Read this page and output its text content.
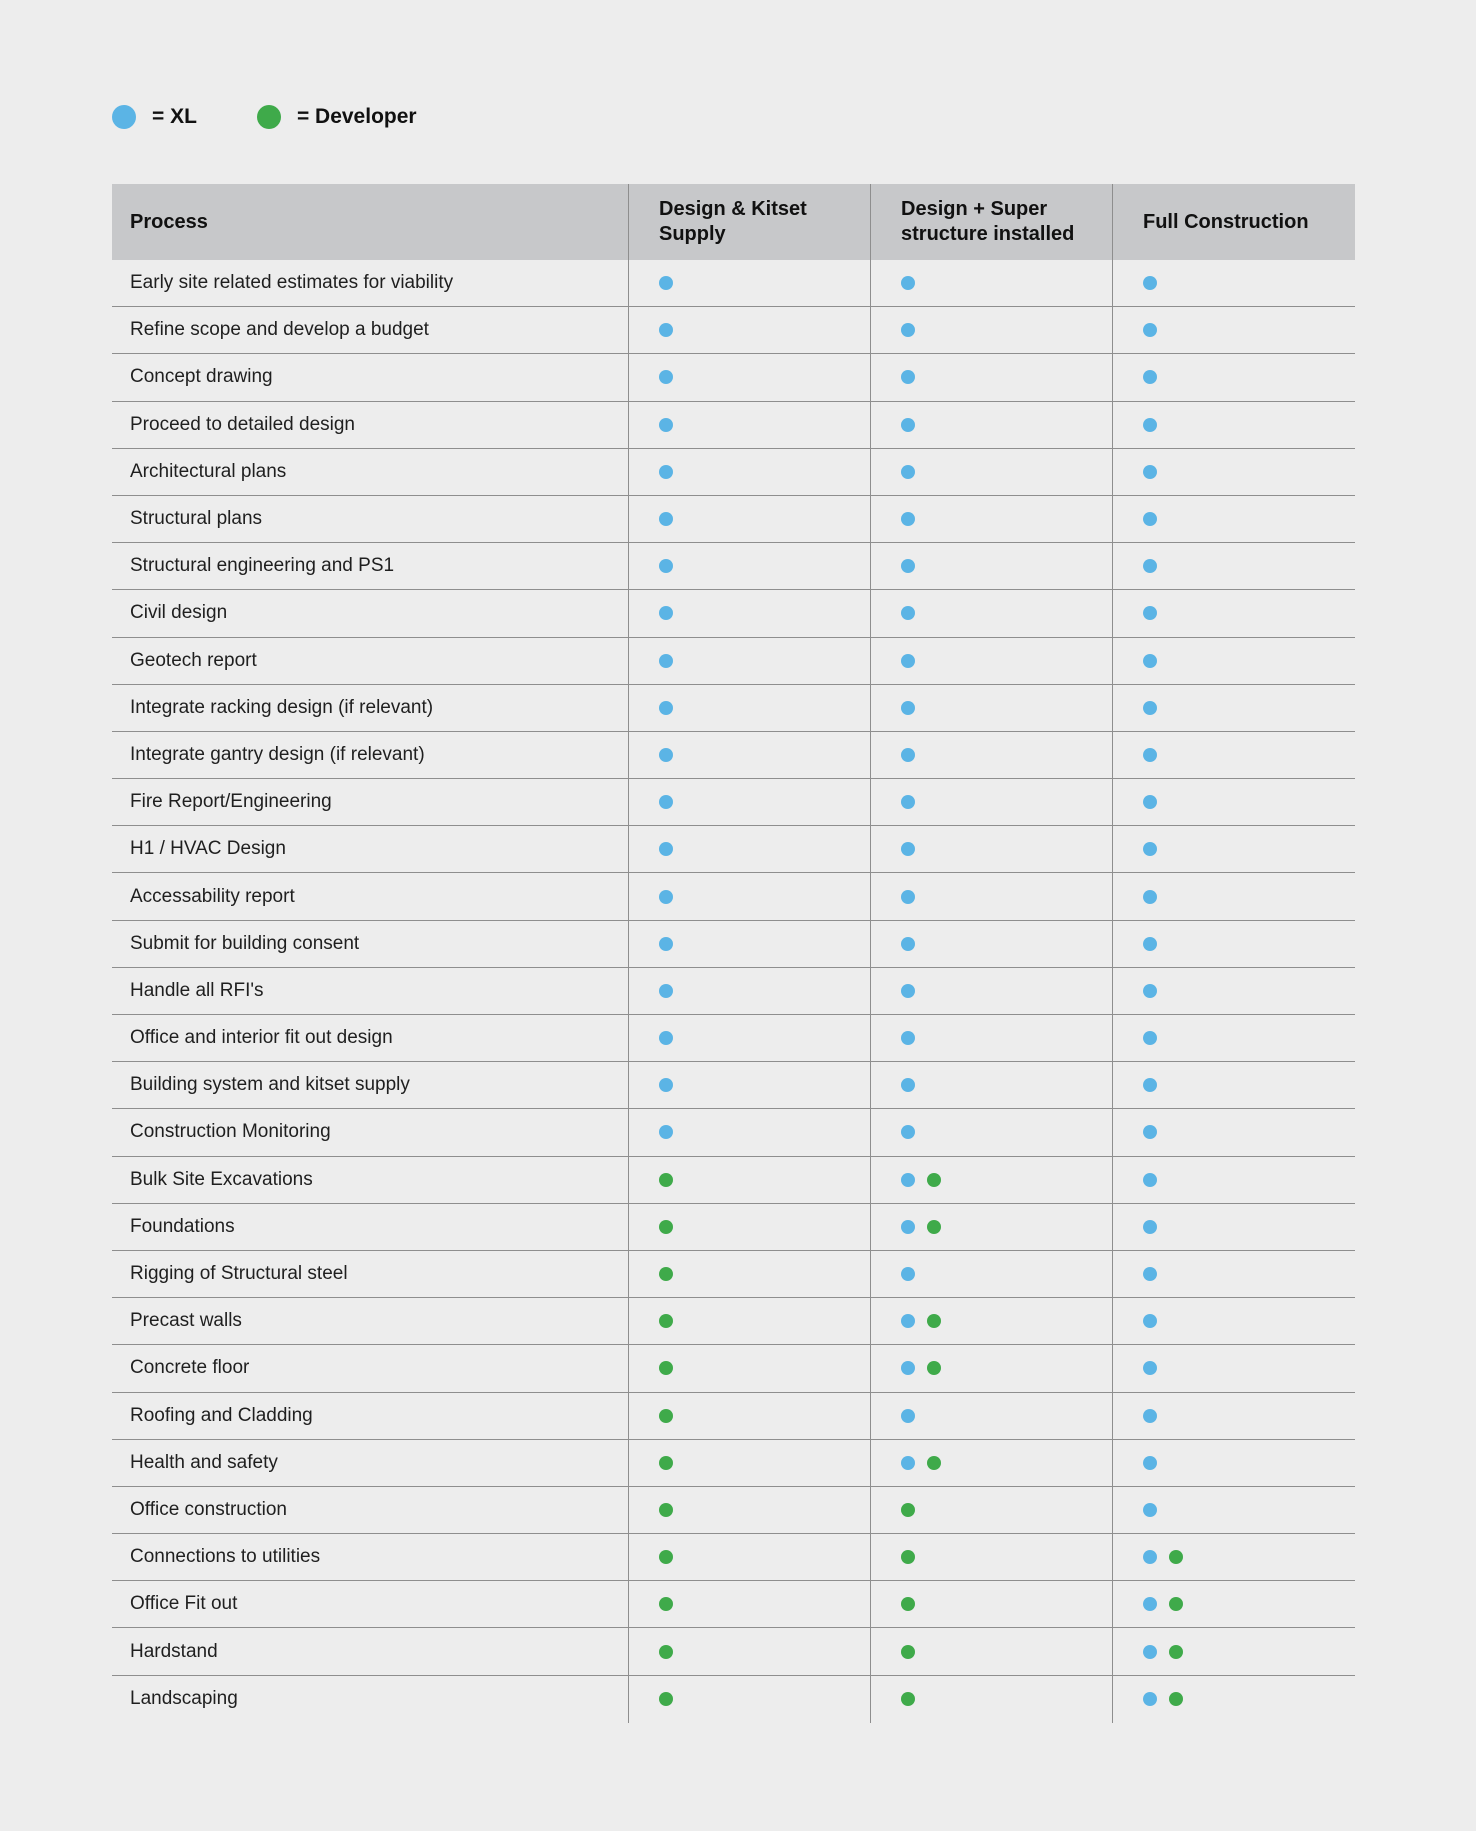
= XL	= Developer
Process
Design & Kitset Supply
Design + Super structure installed
Full Construction
Early site related estimates for viability
Refine scope and develop a budget
Concept drawing
Proceed to detailed design
Architectural plans
Structural plans
Structural engineering and PS1
Civil design
Geotech report
Integrate racking design (if relevant)
Integrate gantry design (if relevant)
Fire Report/Engineering
H1 / HVAC Design
Accessability report
Submit for building consent
Handle all RFI's
Office and interior fit out design
Building system and kitset supply
Construction Monitoring
Bulk Site Excavations
Foundations
Rigging of Structural steel
Precast walls
Concrete floor
Roofing and Cladding
Health and safety
Office construction
Connections to utilities
Office Fit out
Hardstand
Landscaping
